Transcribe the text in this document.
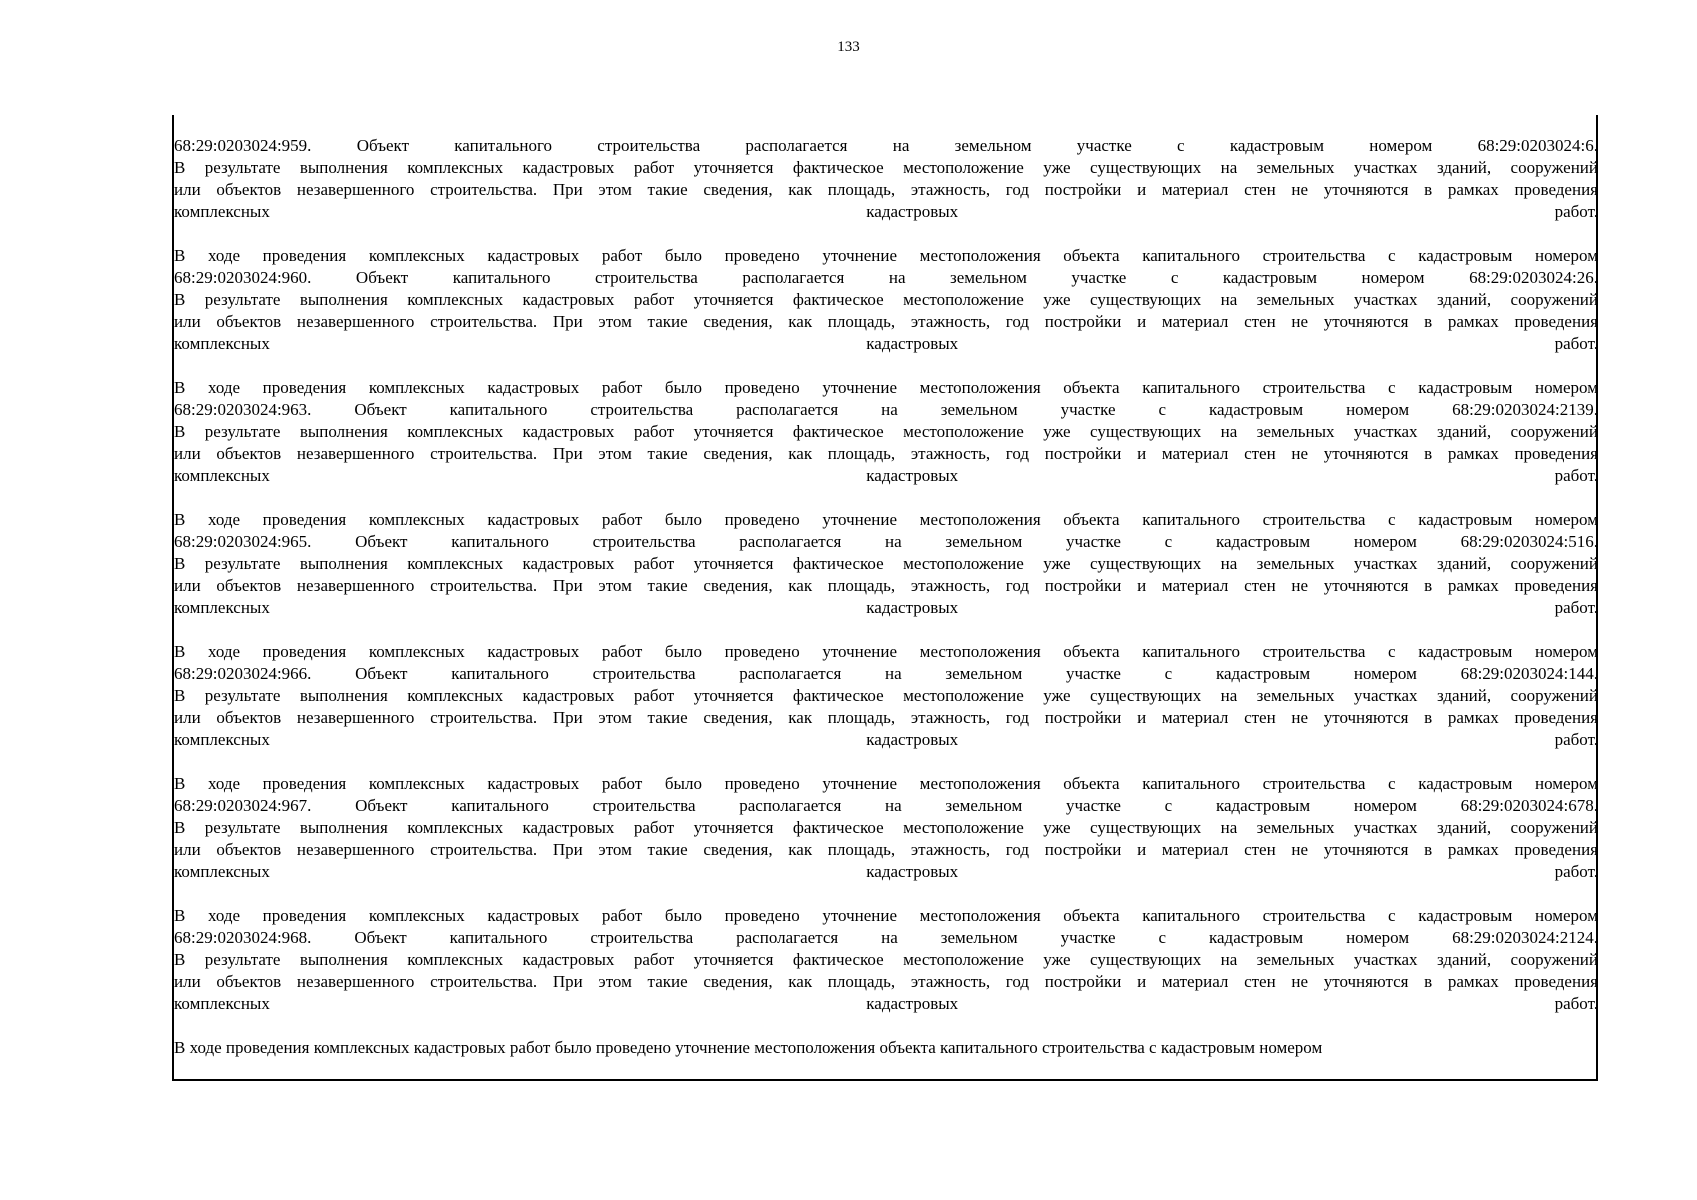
133
68:29:0203024:959. Объект капитального строительства располагается на земельном участке с кадастровым номером 68:29:0203024:6.
В результате выполнения комплексных кадастровых работ уточняется фактическое местоположение уже существующих на земельных участках зданий, сооружений
или объектов незавершенного строительства. При этом такие сведения, как площадь, этажность, год постройки и материал стен не уточняются в рамках проведения
комплексных	кадастровых	работ.
В ходе проведения комплексных кадастровых работ было проведено уточнение местоположения объекта капитального строительства с кадастровым номером
68:29:0203024:960. Объект капитального строительства располагается на земельном участке с кадастровым номером 68:29:0203024:26.
В результате выполнения комплексных кадастровых работ уточняется фактическое местоположение уже существующих на земельных участках зданий, сооружений
или объектов незавершенного строительства. При этом такие сведения, как площадь, этажность, год постройки и материал стен не уточняются в рамках проведения
комплексных	кадастровых	работ.
В ходе проведения комплексных кадастровых работ было проведено уточнение местоположения объекта капитального строительства с кадастровым номером
68:29:0203024:963. Объект капитального строительства располагается на земельном участке с кадастровым номером 68:29:0203024:2139.
В результате выполнения комплексных кадастровых работ уточняется фактическое местоположение уже существующих на земельных участках зданий, сооружений
или объектов незавершенного строительства. При этом такие сведения, как площадь, этажность, год постройки и материал стен не уточняются в рамках проведения
комплексных	кадастровых	работ.
В ходе проведения комплексных кадастровых работ было проведено уточнение местоположения объекта капитального строительства с кадастровым номером
68:29:0203024:965. Объект капитального строительства располагается на земельном участке с кадастровым номером 68:29:0203024:516.
В результате выполнения комплексных кадастровых работ уточняется фактическое местоположение уже существующих на земельных участках зданий, сооружений
или объектов незавершенного строительства. При этом такие сведения, как площадь, этажность, год постройки и материал стен не уточняются в рамках проведения
комплексных	кадастровых	работ.
В ходе проведения комплексных кадастровых работ было проведено уточнение местоположения объекта капитального строительства с кадастровым номером
68:29:0203024:966. Объект капитального строительства располагается на земельном участке с кадастровым номером 68:29:0203024:144.
В результате выполнения комплексных кадастровых работ уточняется фактическое местоположение уже существующих на земельных участках зданий, сооружений
или объектов незавершенного строительства. При этом такие сведения, как площадь, этажность, год постройки и материал стен не уточняются в рамках проведения
комплексных	кадастровых	работ.
В ходе проведения комплексных кадастровых работ было проведено уточнение местоположения объекта капитального строительства с кадастровым номером
68:29:0203024:967. Объект капитального строительства располагается на земельном участке с кадастровым номером 68:29:0203024:678.
В результате выполнения комплексных кадастровых работ уточняется фактическое местоположение уже существующих на земельных участках зданий, сооружений
или объектов незавершенного строительства. При этом такие сведения, как площадь, этажность, год постройки и материал стен не уточняются в рамках проведения
комплексных	кадастровых	работ.
В ходе проведения комплексных кадастровых работ было проведено уточнение местоположения объекта капитального строительства с кадастровым номером
68:29:0203024:968. Объект капитального строительства располагается на земельном участке с кадастровым номером 68:29:0203024:2124.
В результате выполнения комплексных кадастровых работ уточняется фактическое местоположение уже существующих на земельных участках зданий, сооружений
или объектов незавершенного строительства. При этом такие сведения, как площадь, этажность, год постройки и материал стен не уточняются в рамках проведения
комплексных	кадастровых	работ.
В ходе проведения комплексных кадастровых работ было проведено уточнение местоположения объекта капитального строительства с кадастровым номером
